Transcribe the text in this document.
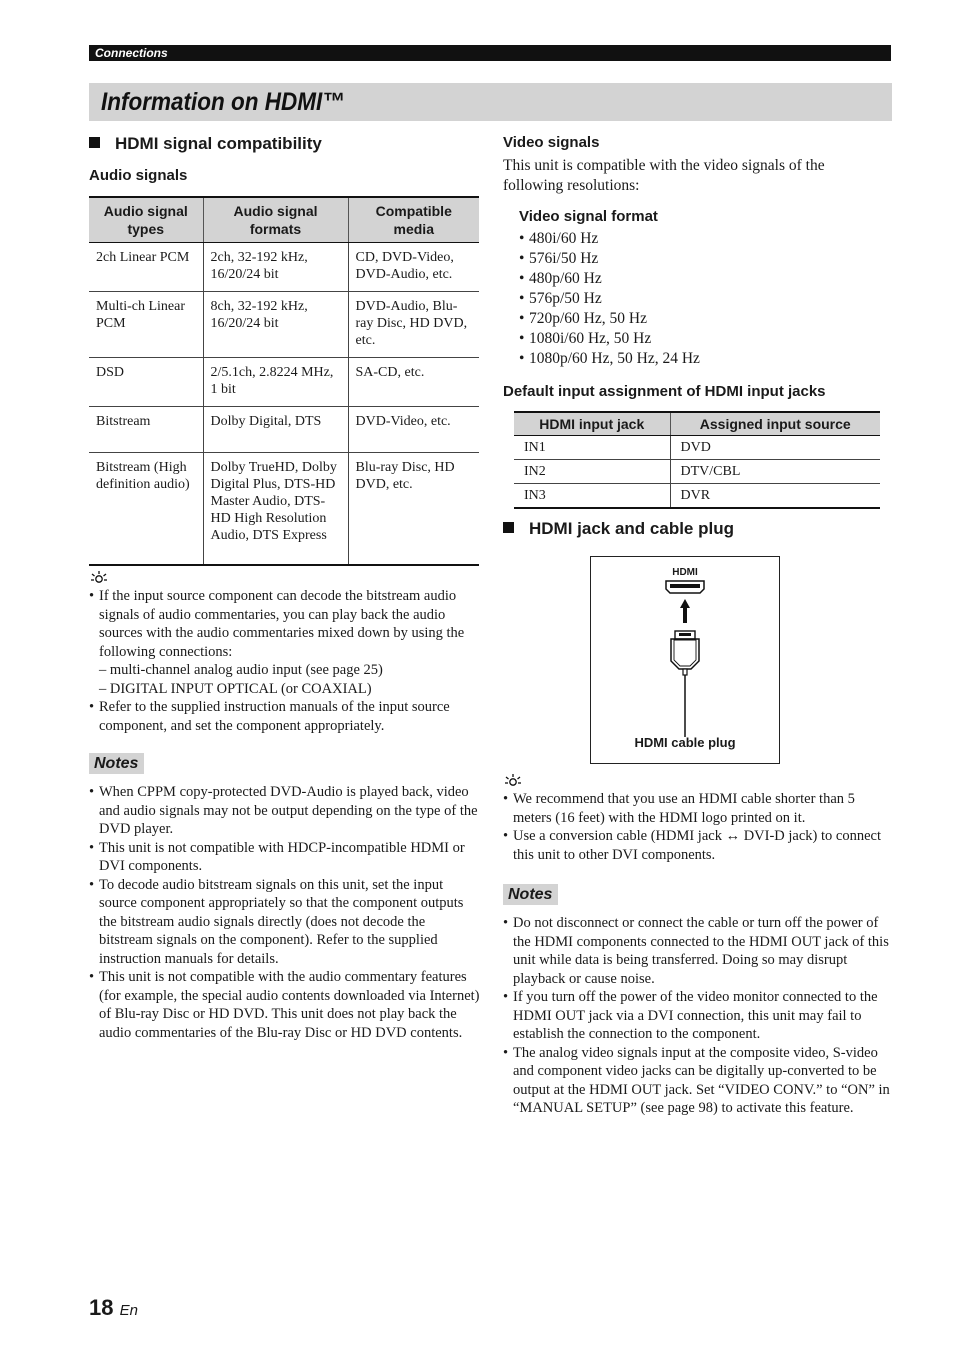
Connections
Information on HDMI™
HDMI signal compatibility
Audio signals
Audio signal types	Audio signal formats	Compatible media
2ch Linear PCM	2ch, 32-192 kHz, 16/20/24 bit	CD, DVD-Video, DVD-Audio, etc.
Multi-ch Linear PCM	8ch, 32-192 kHz, 16/20/24 bit	DVD-Audio, Blu-ray Disc, HD DVD, etc.
DSD	2/5.1ch, 2.8224 MHz, 1 bit	SA-CD, etc.
Bitstream	Dolby Digital, DTS	DVD-Video, etc.
Bitstream (High definition audio)	Dolby TrueHD, Dolby Digital Plus, DTS-HD Master Audio, DTS-HD High Resolution Audio, DTS Express	Blu-ray Disc, HD DVD, etc.
• If the input source component can decode the bitstream audio signals of audio commentaries, you can play back the audio sources with the audio commentaries mixed down by using the following connections:
– multi-channel analog audio input (see page 25)
– DIGITAL INPUT OPTICAL (or COAXIAL)
• Refer to the supplied instruction manuals of the input source component, and set the component appropriately.
Notes
• When CPPM copy-protected DVD-Audio is played back, video and audio signals may not be output depending on the type of the DVD player.
• This unit is not compatible with HDCP-incompatible HDMI or DVI components.
• To decode audio bitstream signals on this unit, set the input source component appropriately so that the component outputs the bitstream audio signals directly (does not decode the bitstream signals on the component). Refer to the supplied instruction manuals for details.
• This unit is not compatible with the audio commentary features (for example, the special audio contents downloaded via Internet) of Blu-ray Disc or HD DVD. This unit does not play back the audio commentaries of the Blu-ray Disc or HD DVD contents.
Video signals
This unit is compatible with the video signals of the following resolutions:
Video signal format
• 480i/60 Hz
• 576i/50 Hz
• 480p/60 Hz
• 576p/50 Hz
• 720p/60 Hz, 50 Hz
• 1080i/60 Hz, 50 Hz
• 1080p/60 Hz, 50 Hz, 24 Hz
Default input assignment of HDMI input jacks
HDMI input jack	Assigned input source
IN1	DVD
IN2	DTV/CBL
IN3	DVR
HDMI jack and cable plug
HDMI
HDMI cable plug
• We recommend that you use an HDMI cable shorter than 5 meters (16 feet) with the HDMI logo printed on it.
• Use a conversion cable (HDMI jack ↔ DVI-D jack) to connect this unit to other DVI components.
Notes
• Do not disconnect or connect the cable or turn off the power of the HDMI components connected to the HDMI OUT jack of this unit while data is being transferred. Doing so may disrupt playback or cause noise.
• If you turn off the power of the video monitor connected to the HDMI OUT jack via a DVI connection, this unit may fail to establish the connection to the component.
• The analog video signals input at the composite video, S-video and component video jacks can be digitally up-converted to be output at the HDMI OUT jack. Set “VIDEO CONV.” to “ON” in “MANUAL SETUP” (see page 98) to activate this feature.
18 En
